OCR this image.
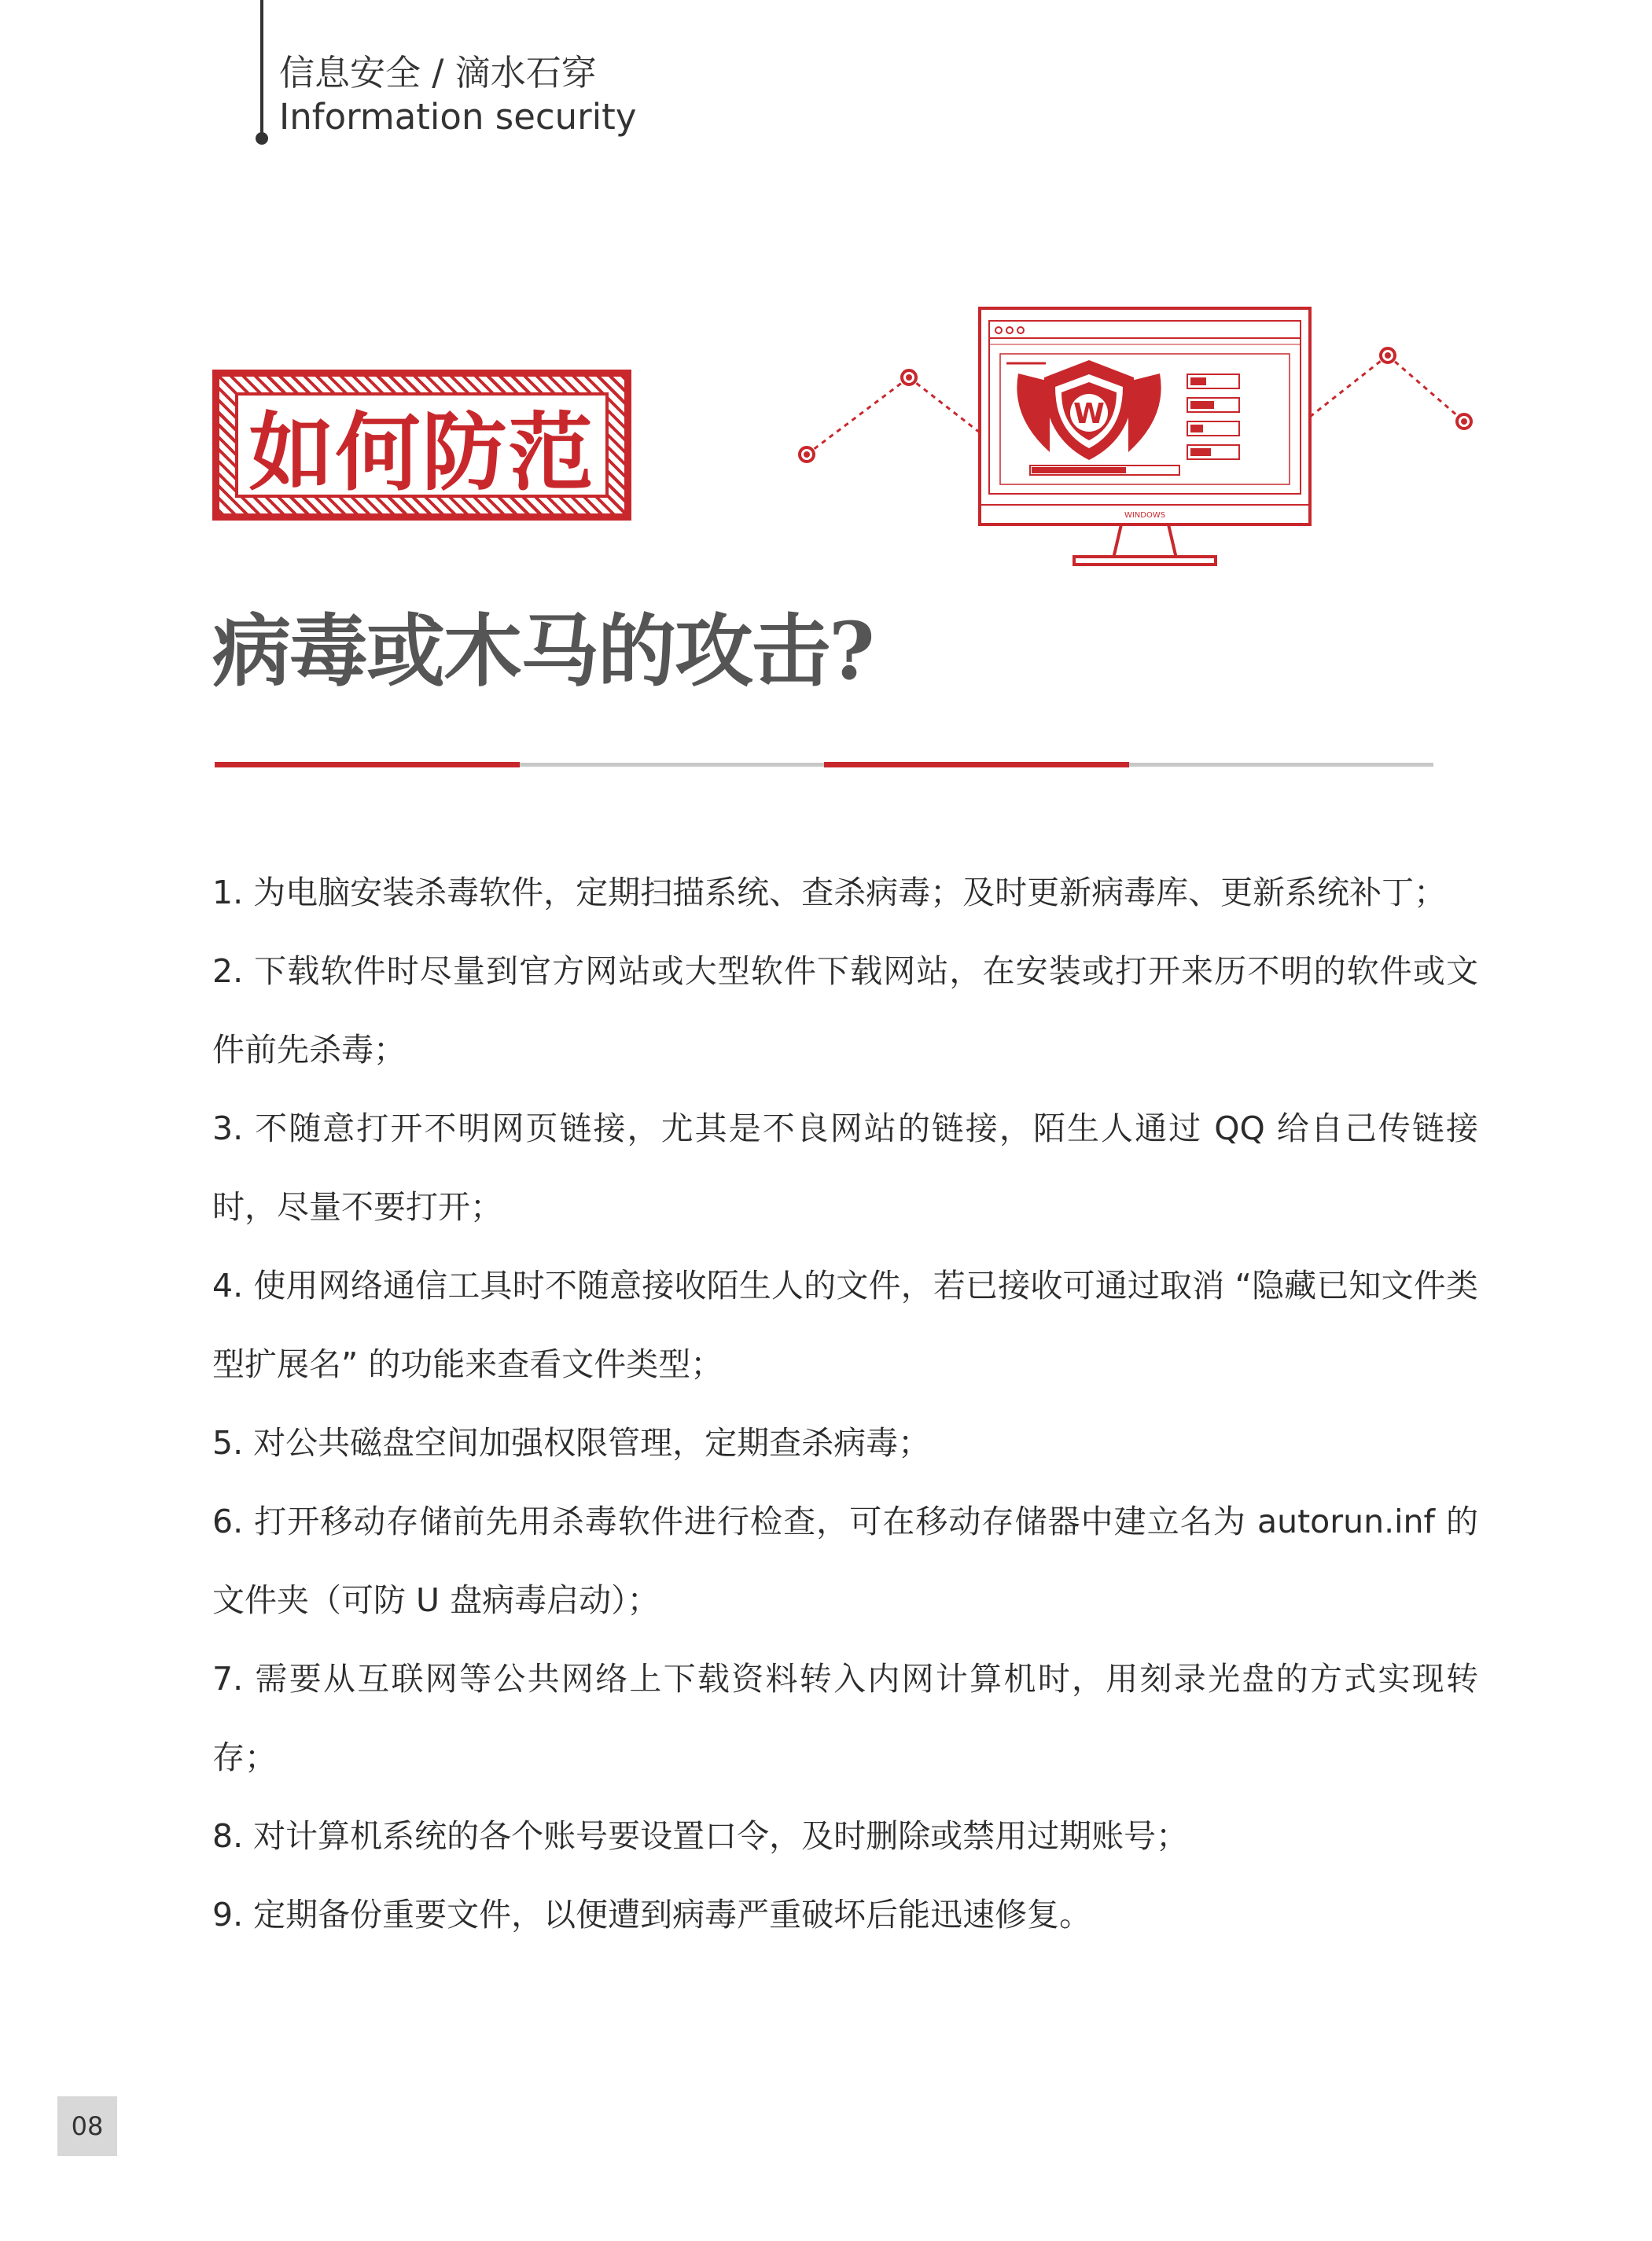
信息安全 / 滴水石穿
Information security
如何防范
WINDOWS
W
病毒或木马的攻击?

1. 为电脑安装杀毒软件，定期扫描系统、查杀病毒；及时更新病毒库、更新系统补丁；

2. 下载软件时尽量到官方网站或大型软件下载网站，在安装或打开来历不明的软件或文件前先杀毒；

3. 不随意打开不明网页链接，尤其是不良网站的链接，陌生人通过 QQ 给自己传链接时，尽量不要打开；

4. 使用网络通信工具时不随意接收陌生人的文件，若已接收可通过取消 “隐藏已知文件类型扩展名” 的功能来查看文件类型；

5. 对公共磁盘空间加强权限管理，定期查杀病毒；

6. 打开移动存储前先用杀毒软件进行检查，可在移动存储器中建立名为 autorun.inf 的文件夹（可防 U 盘病毒启动）；

7. 需要从互联网等公共网络上下载资料转入内网计算机时，用刻录光盘的方式实现转存；

8. 对计算机系统的各个账号要设置口令，及时删除或禁用过期账号；

9. 定期备份重要文件，以便遭到病毒严重破坏后能迅速修复。

08
